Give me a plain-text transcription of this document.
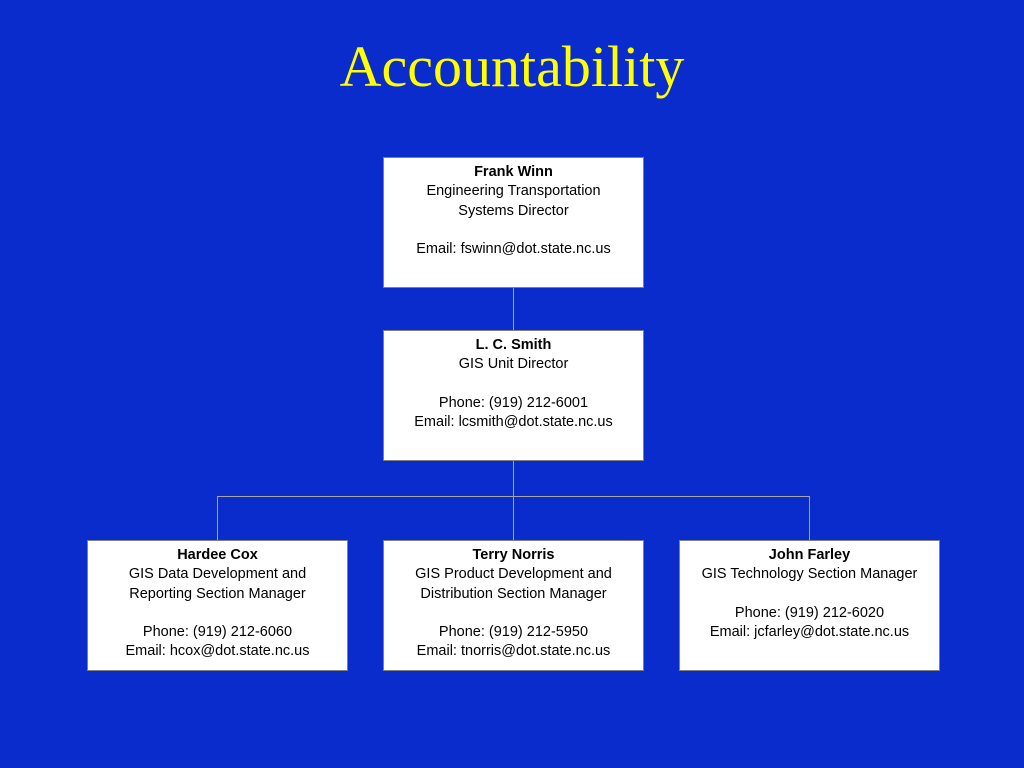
Accountability
Frank Winn
Engineering Transportation
Systems Director
Email: fswinn@dot.state.nc.us
L. C. Smith
GIS Unit Director
Phone: (919) 212-6001
Email: lcsmith@dot.state.nc.us
Hardee Cox
GIS Data Development and
Reporting Section Manager
Phone: (919) 212-6060
Email: hcox@dot.state.nc.us
Terry Norris
GIS Product Development and
Distribution Section Manager
Phone: (919) 212-5950
Email: tnorris@dot.state.nc.us
John Farley
GIS Technology Section Manager
Phone: (919) 212-6020
Email: jcfarley@dot.state.nc.us
